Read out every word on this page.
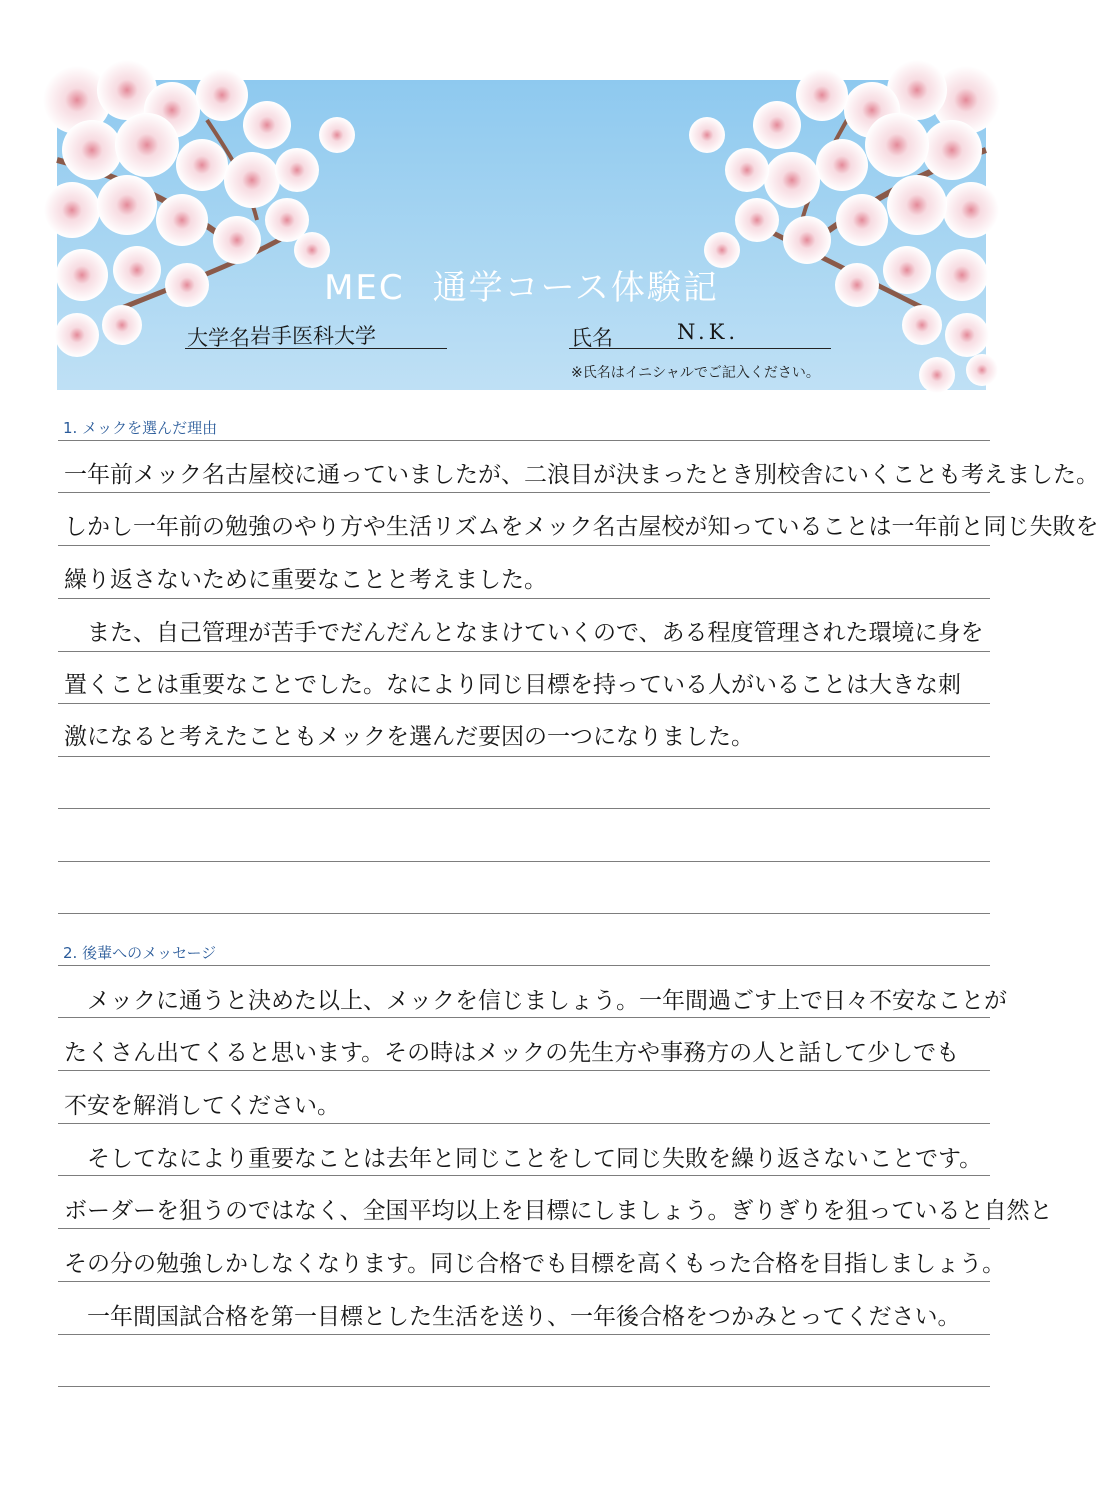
MEC 通学コース体験記
大学名 岩手医科大学	氏名	N.K.
※氏名はイニシャルでご記入ください。
1. メックを選んだ理由
一年前メック名古屋校に通っていましたが、二浪目が決まったとき別校舎にいくことも考えました。
しかし一年前の勉強のやり方や生活リズムをメック名古屋校が知っていることは一年前と同じ失敗を
繰り返さないために重要なことと考えました。
　また、自己管理が苦手でだんだんとなまけていくので、ある程度管理された環境に身を
置くことは重要なことでした。なにより同じ目標を持っている人がいることは大きな刺
激になると考えたこともメックを選んだ要因の一つになりました。
2. 後輩へのメッセージ
　メックに通うと決めた以上、メックを信じましょう。一年間過ごす上で日々不安なことが
たくさん出てくると思います。その時はメックの先生方や事務方の人と話して少しでも
不安を解消してください。
　そしてなにより重要なことは去年と同じことをして同じ失敗を繰り返さないことです。
ボーダーを狙うのではなく、全国平均以上を目標にしましょう。ぎりぎりを狙っていると自然と
その分の勉強しかしなくなります。同じ合格でも目標を高くもった合格を目指しましょう。
　一年間国試合格を第一目標とした生活を送り、一年後合格をつかみとってください。
